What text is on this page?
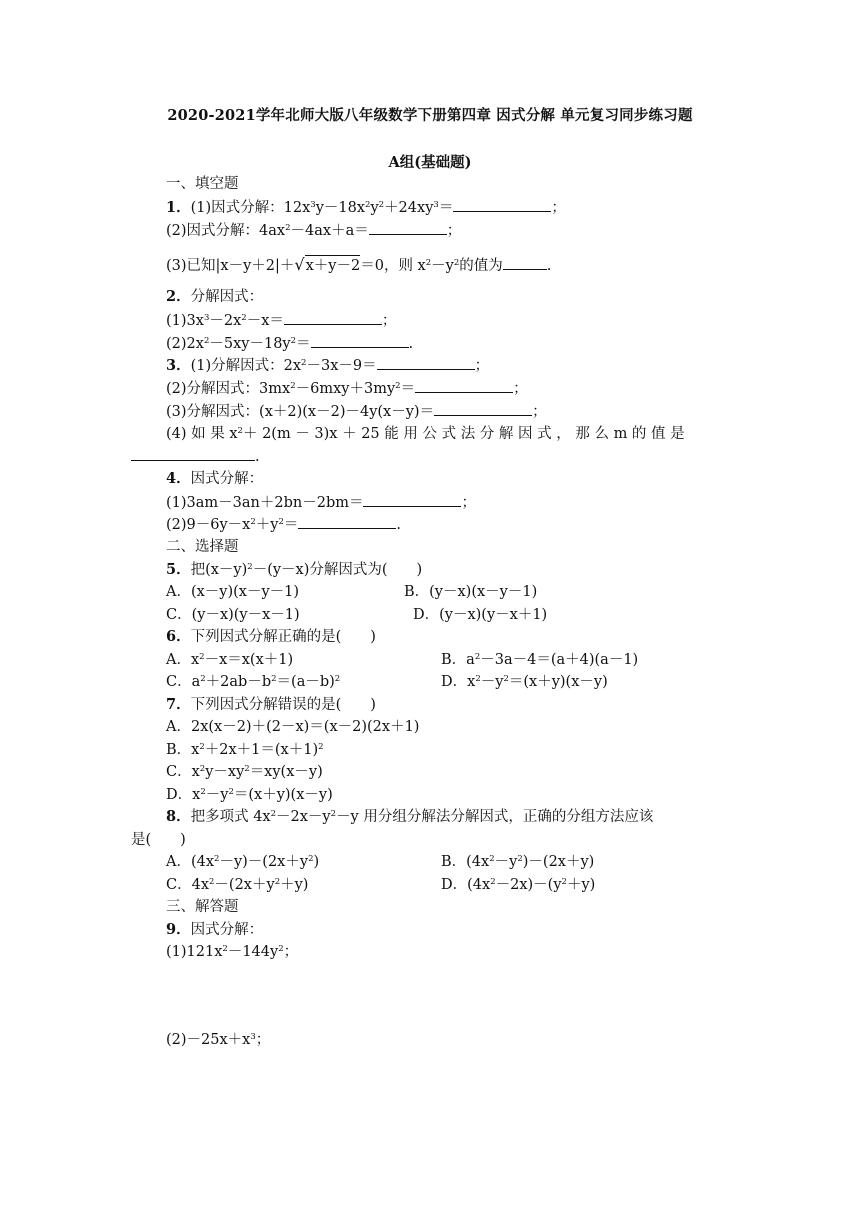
2020-2021学年北师大版八年级数学下册第四章 因式分解 单元复习同步练习题
A组(基础题)
一、填空题
1．(1)因式分解：$12x^3y-18x^2y^2+24xy^3=$	；
(2)因式分解：$4ax^2-4ax+a=$	；
(3)已知|x－y＋2|＋√x＋y－2＝0，则 $x^2-y^2$的值为	.
2．分解因式：
$(1)3x^3-2x^2-x=$	；
$(2)2x^2-5xy-18y^2=$	.
3．(1)分解因式：$2x^2-3x-9=$	；
(2)分解因式：$3mx^2-6mxy+3my^2=$	；
(3)分解因式：(x＋2)(x－2)－4y(x－y)＝	；
(4) 如 果 $x^2+ 2(m - 3)x + 25$ 能 用 公 式 法 分 解 因 式 ， 那 么 m 的 值 是
.
4．因式分解：
(1)3am－3an＋2bn－2bm＝	；
$(2)9-6y-x^2+y^2=$	.
二、选择题
5．把$(x-y)^2-(y-x)$分解因式为(　　)
A．(x－y)(x－y－1)	B．(y－x)(x－y－1)
C．(y－x)(y－x－1)	D．(y－x)(y－x＋1)
6．下列因式分解正确的是(　　)
A．$x^2-x=x(x+1)$	B．$a^2-3a-4=(a+4)(a-1)$
C．$a^2+2ab-b^2=(a-b)^2$	D．$x^2-y^2=(x+y)(x-y)$
7．下列因式分解错误的是(　　)
A．2x(x－2)＋(2－x)＝(x－2)(2x＋1)
B．$x^2+2x+1=(x+1)^2$
C．$x^2y-xy^2=xy(x-y)$
D．$x^2-y^2=(x+y)(x-y)$
8．把多项式 $4x^2-2x-y^2-y$ 用分组分解法分解因式，正确的分组方法应该
是(　　)
A．$(4x^2-y)-(2x+y^2)$	B．$(4x^2-y^2)-(2x+y)$
C．$4x^2-(2x+y^2+y)$	D．$(4x^2-2x)-(y^2+y)$
三、解答题
9．因式分解：
$(1)121x^2-144y^2$；
$(2)-25x+x^3$；
